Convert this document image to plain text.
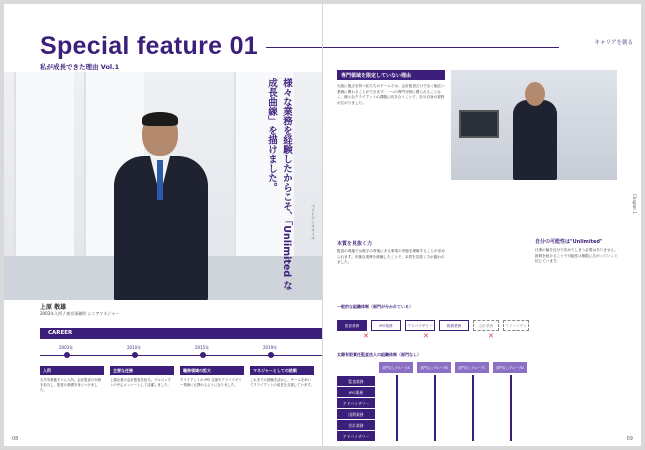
Special feature 01
私が成長できた理由 Vol.1
様々な業務を経験したからこそ、「Unlimited な成長曲線」を描けました。
ベストワンスタイル
上原 敬雄
2003年入所 / 東京事務所 シニアマネジャー
CAREER
2003年	2010年	2015年	2019年
入所
大学卒業後すぐに入所。会計監査の実務を担当し、監査の基礎を身につけました。
主要な任務
上場企業の会計監査を担当。プロジェクトの中心メンバーとして活躍しました。
職務領域の拡大
クライアントの IPO 支援やアドバイザリー業務にも携わるようになりました。
マネジャーとしての挑戦
これまでの経験を活かし、チームを率いてクライアントの成長を支援しています。
08
キャリアを創る
専門領域を限定していない理由
大阪に拠点を持つ私たちのチームでは、会計監査だけでなく幅広い業務に関わることができます。一つの専門分野に縛られることなく、様々なクライアントの課題に向き合うことで、自分自身の視野が広がりました。
本質を見抜く力
監査の現場では数字の背後にある事業の実態を理解することが求められます。多様な業務を経験したことで、本質を見抜く力が養われました。
自分の可能性は"Unlimited"
仕事の幅を自分で決めてしまう必要はありません。挑戦を続けることで可能性は無限に広がっていくと信じています。
Chapter 1
一般的な組織体制（部門が分かれている）
監査業務	IPO業務	アドバイザリー	税務業務	会計業務	アドバイザリー
✕	✕	✕
太陽有限責任監査法人の組織体制（部門なし）
部門なしグループA	部門なしグループB	部門なしグループC	部門なしグループD
監査業務
IPO業務
アドバイザリー
国際業務
会計業務
アドバイザリー	09
